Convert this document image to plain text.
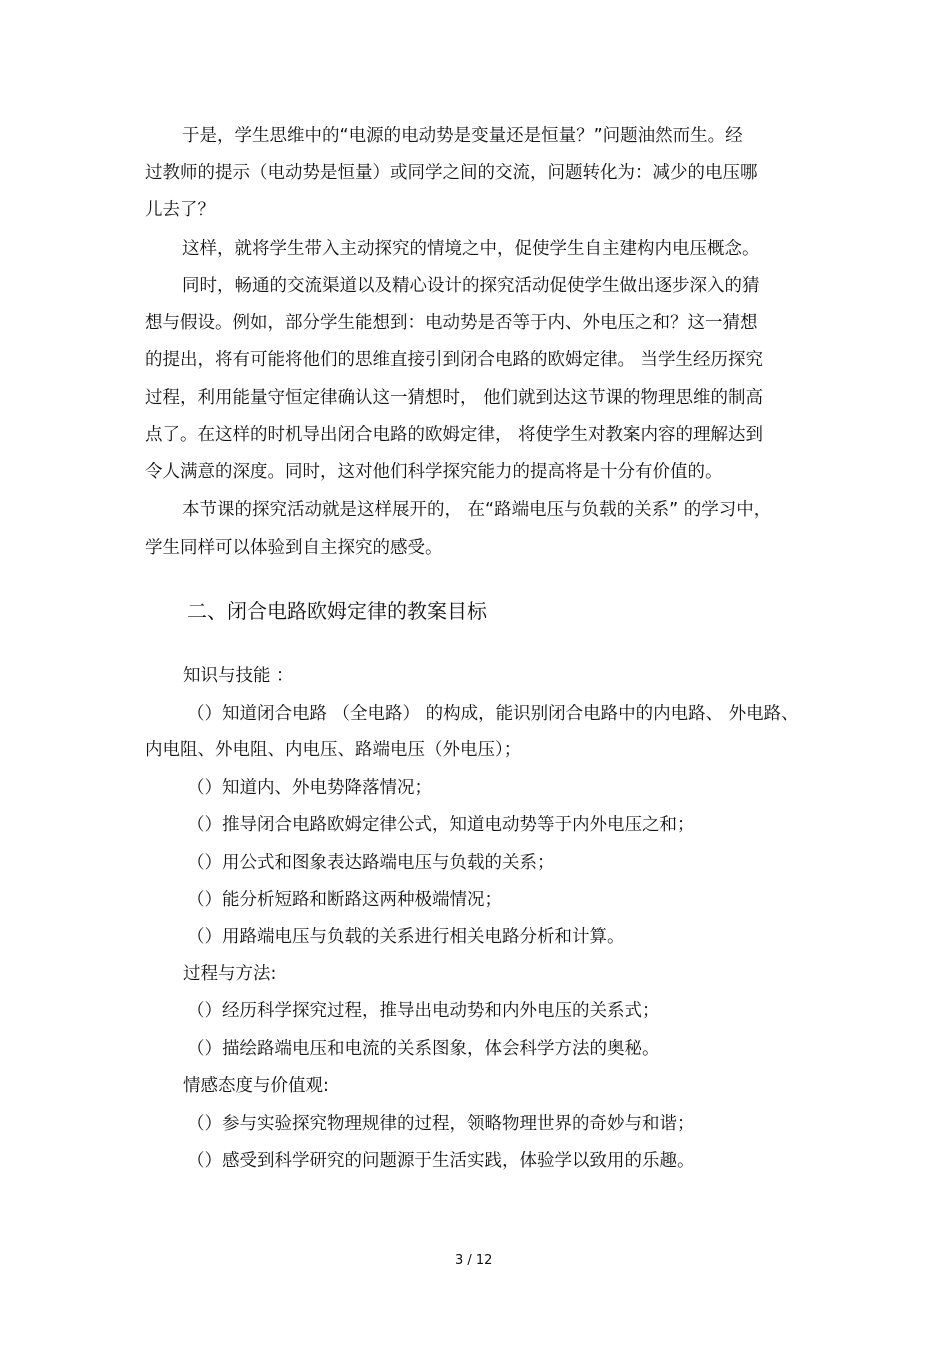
于是，学生思维中的“电源的电动势是变量还是恒量？”问题油然而生。经
过教师的提示（电动势是恒量）或同学之间的交流，问题转化为：减少的电压哪
儿去了？
这样，就将学生带入主动探究的情境之中，促使学生自主建构内电压概念。
同时，畅通的交流渠道以及精心设计的探究活动促使学生做出逐步深入的猜
想与假设。例如，部分学生能想到：电动势是否等于内、外电压之和？这一猜想
的提出，将有可能将他们的思维直接引到闭合电路的欧姆定律。 当学生经历探究
过程，利用能量守恒定律确认这一猜想时， 他们就到达这节课的物理思维的制高
点了。在这样的时机导出闭合电路的欧姆定律， 将使学生对教案内容的理解达到
令人满意的深度。同时，这对他们科学探究能力的提高将是十分有价值的。
本节课的探究活动就是这样展开的， 在“路端电压与负载的关系” 的学习中，
学生同样可以体验到自主探究的感受。
二、闭合电路欧姆定律的教案目标
知识与技能 ：
（）知道闭合电路 （全电路） 的构成，能识别闭合电路中的内电路、 外电路、
内电阻、外电阻、内电压、路端电压（外电压）；
（）知道内、外电势降落情况；
（）推导闭合电路欧姆定律公式，知道电动势等于内外电压之和；
（）用公式和图象表达路端电压与负载的关系；
（）能分析短路和断路这两种极端情况；
（）用路端电压与负载的关系进行相关电路分析和计算。
过程与方法:
（）经历科学探究过程，推导出电动势和内外电压的关系式；
（）描绘路端电压和电流的关系图象，体会科学方法的奥秘。
情感态度与价值观:
（）参与实验探究物理规律的过程，领略物理世界的奇妙与和谐；
（）感受到科学研究的问题源于生活实践，体验学以致用的乐趣。
3 / 12
